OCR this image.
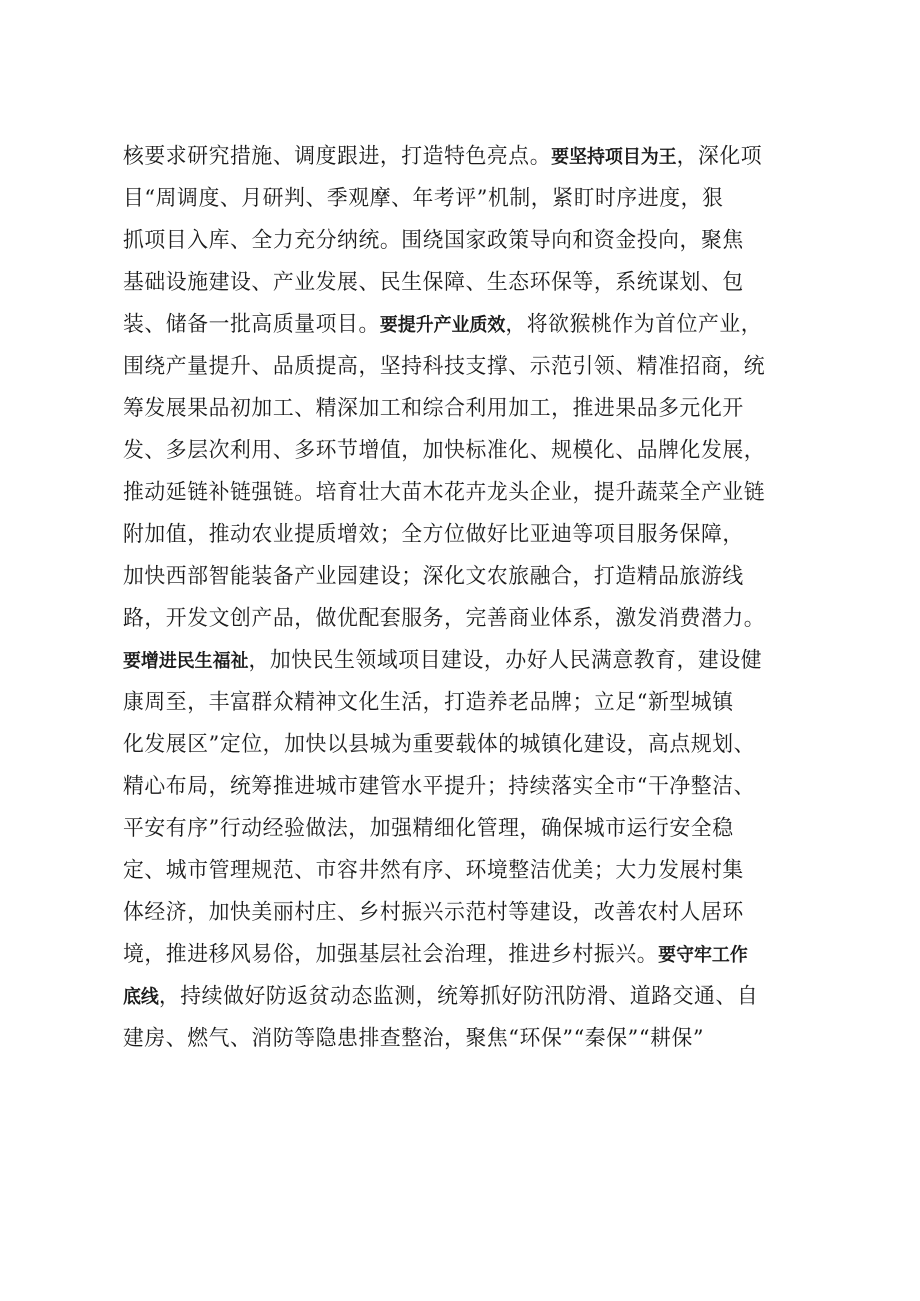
核要求研究措施、调度跟进，打造特色亮点。要坚持项目为王，深化项
目“周调度、月研判、季观摩、年考评”机制，紧盯时序进度，狠
抓项目入库、全力充分纳统。围绕国家政策导向和资金投向，聚焦
基础设施建设、产业发展、民生保障、生态环保等，系统谋划、包
装、储备一批高质量项目。要提升产业质效，将欲猴桃作为首位产业，
围绕产量提升、品质提高，坚持科技支撑、示范引领、精准招商，统
筹发展果品初加工、精深加工和综合利用加工，推进果品多元化开
发、多层次利用、多环节增值，加快标准化、规模化、品牌化发展，
推动延链补链强链。培育壮大苗木花卉龙头企业，提升蔬菜全产业链
附加值，推动农业提质增效；全方位做好比亚迪等项目服务保障，
加快西部智能装备产业园建设；深化文农旅融合，打造精品旅游线
路，开发文创产品，做优配套服务，完善商业体系，激发消费潜力。
要增进民生福祉，加快民生领域项目建设，办好人民满意教育，建设健
康周至，丰富群众精神文化生活，打造养老品牌；立足“新型城镇
化发展区”定位，加快以县城为重要载体的城镇化建设，高点规划、
精心布局，统筹推进城市建管水平提升；持续落实全市“干净整洁、
平安有序”行动经验做法，加强精细化管理，确保城市运行安全稳
定、城市管理规范、市容井然有序、环境整洁优美；大力发展村集
体经济，加快美丽村庄、乡村振兴示范村等建设，改善农村人居环
境，推进移风易俗，加强基层社会治理，推进乡村振兴。要守牢工作
底线，持续做好防返贫动态监测，统筹抓好防汛防滑、道路交通、自
建房、燃气、消防等隐患排查整治，聚焦“环保”“秦保”“耕保”
